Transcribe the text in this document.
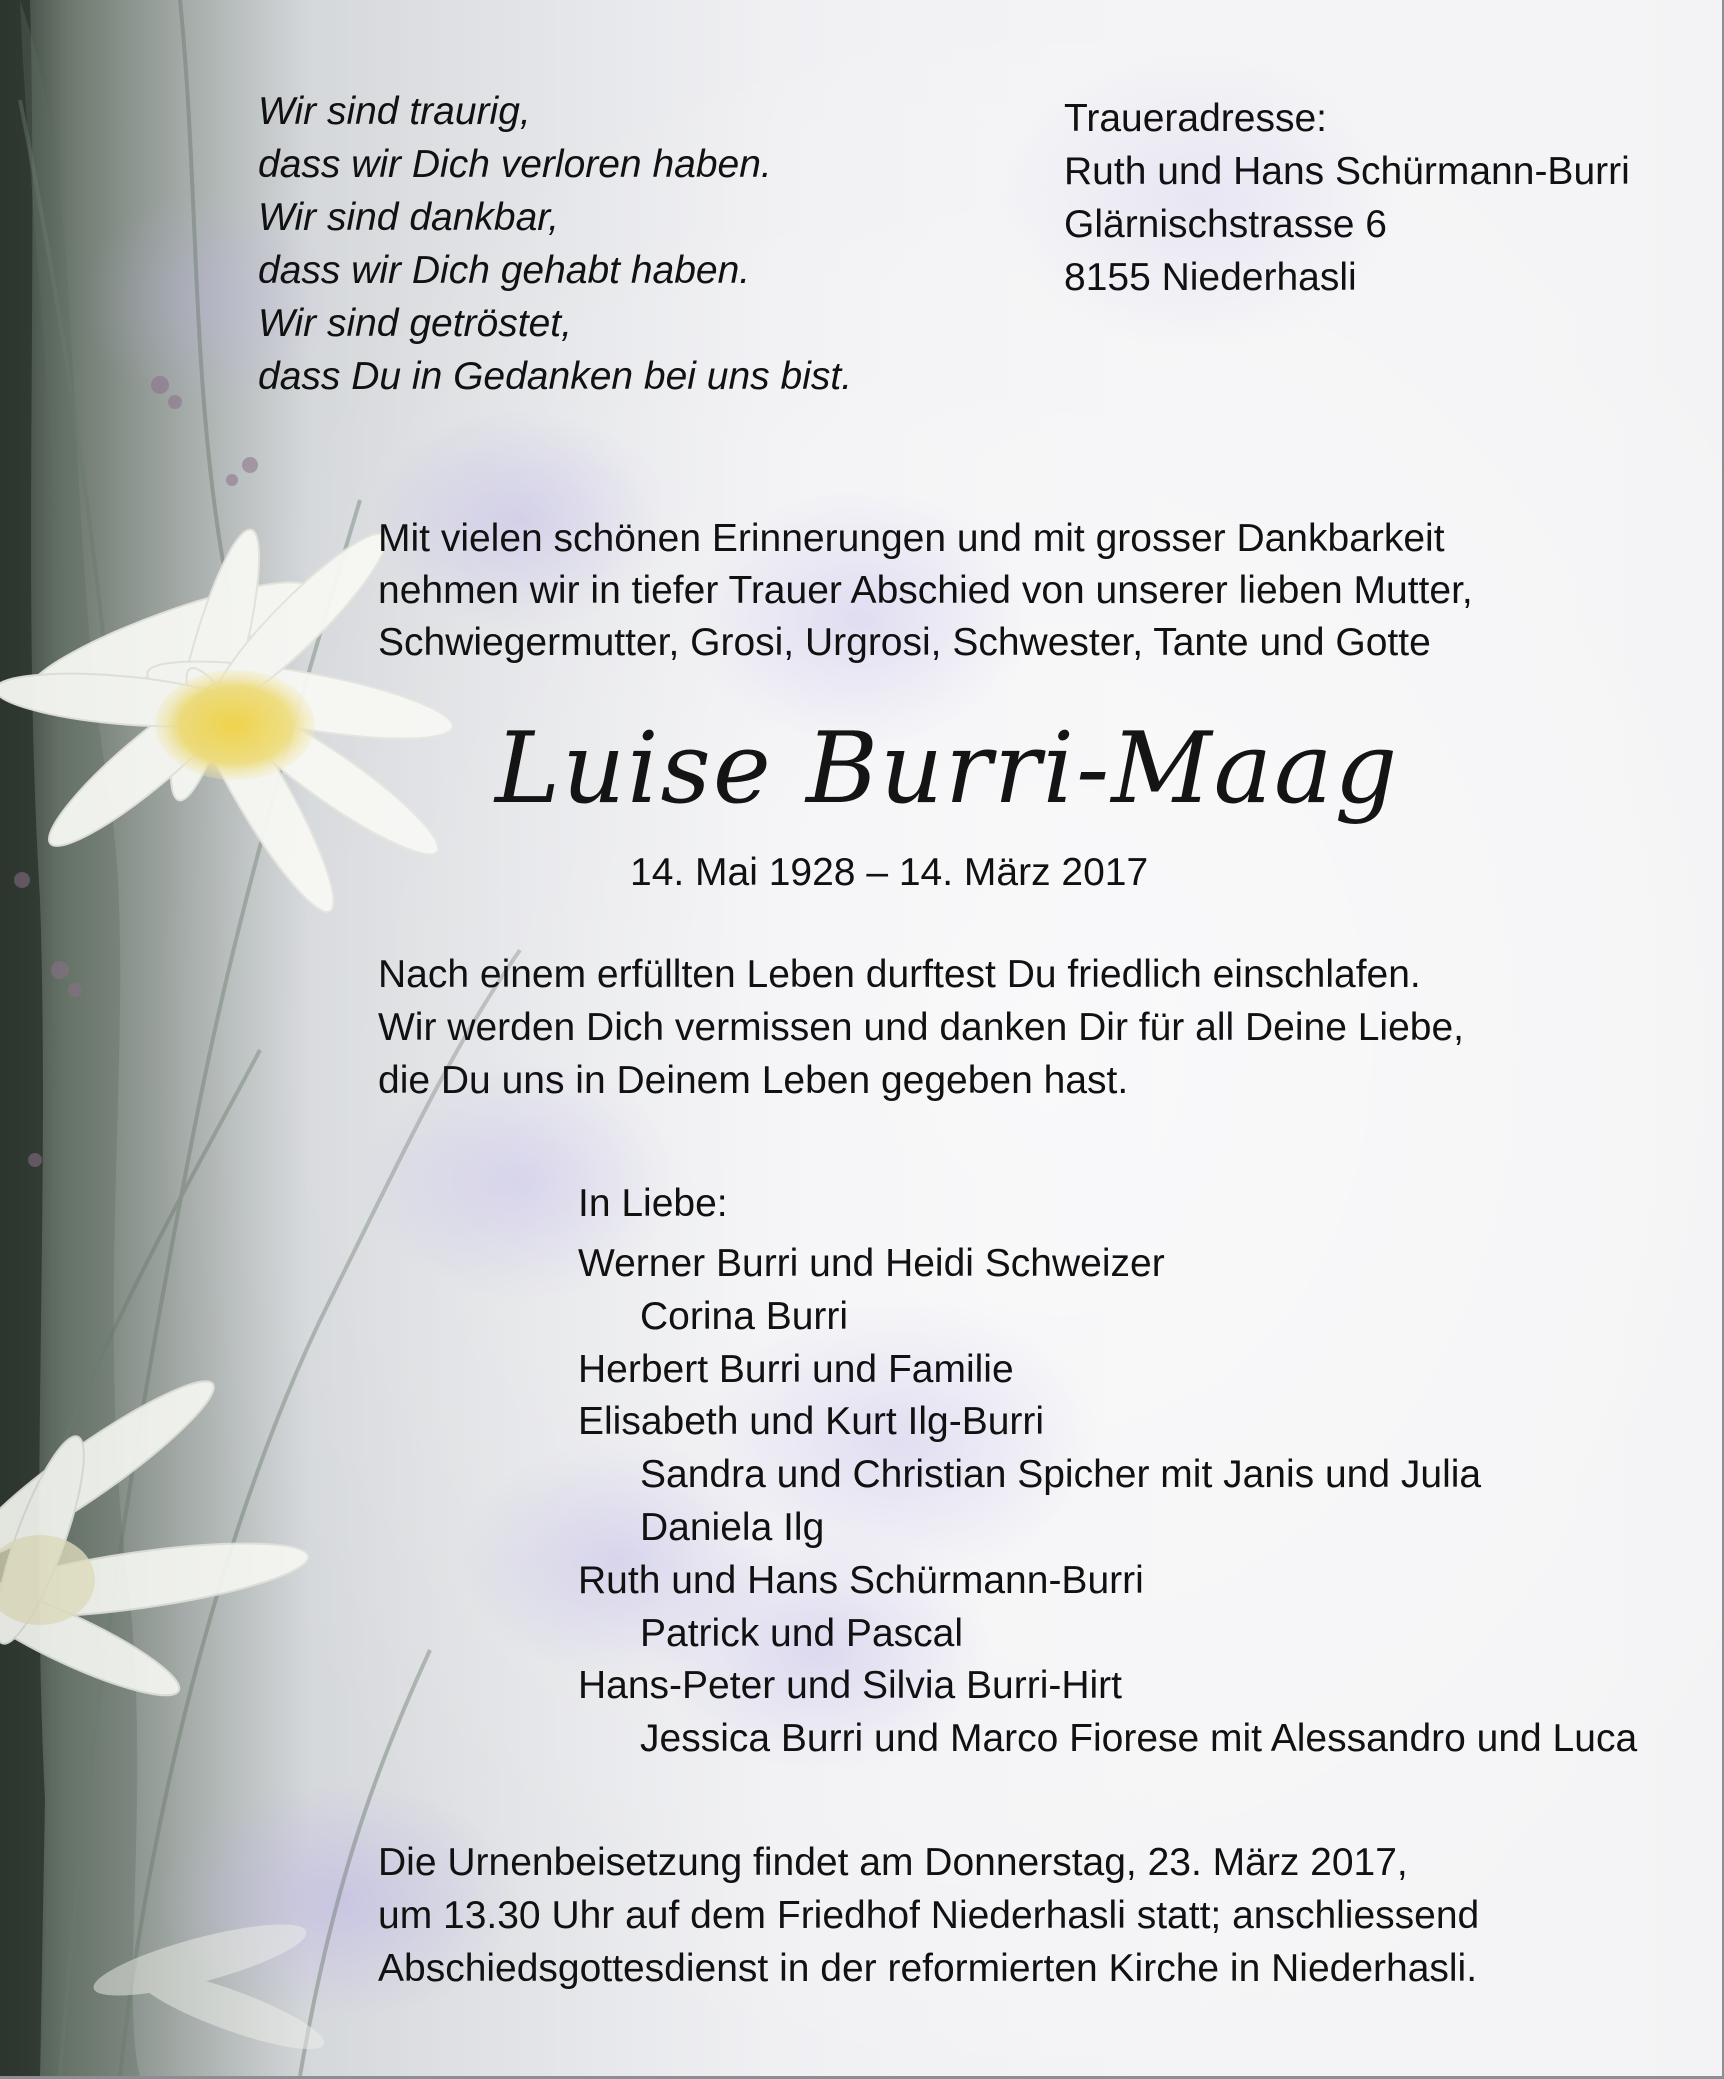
Wir sind traurig,
dass wir Dich verloren haben.
Wir sind dankbar,
dass wir Dich gehabt haben.
Wir sind getröstet,
dass Du in Gedanken bei uns bist.
Traueradresse:
Ruth und Hans Schürmann-Burri
Glärnischstrasse 6
8155 Niederhasli
Mit vielen schönen Erinnerungen und mit grosser Dankbarkeit
nehmen wir in tiefer Trauer Abschied von unserer lieben Mutter,
Schwiegermutter, Grosi, Urgrosi, Schwester, Tante und Gotte
Luise Burri-Maag
14. Mai 1928 – 14. März 2017
Nach einem erfüllten Leben durftest Du friedlich einschlafen.
Wir werden Dich vermissen und danken Dir für all Deine Liebe,
die Du uns in Deinem Leben gegeben hast.
In Liebe:
Werner Burri und Heidi Schweizer
Corina Burri
Herbert Burri und Familie
Elisabeth und Kurt Ilg-Burri
Sandra und Christian Spicher mit Janis und Julia
Daniela Ilg
Ruth und Hans Schürmann-Burri
Patrick und Pascal
Hans-Peter und Silvia Burri-Hirt
Jessica Burri und Marco Fiorese mit Alessandro und Luca
Die Urnenbeisetzung findet am Donnerstag, 23. März 2017,
um 13.30 Uhr auf dem Friedhof Niederhasli statt; anschliessend
Abschiedsgottesdienst in der reformierten Kirche in Niederhasli.
